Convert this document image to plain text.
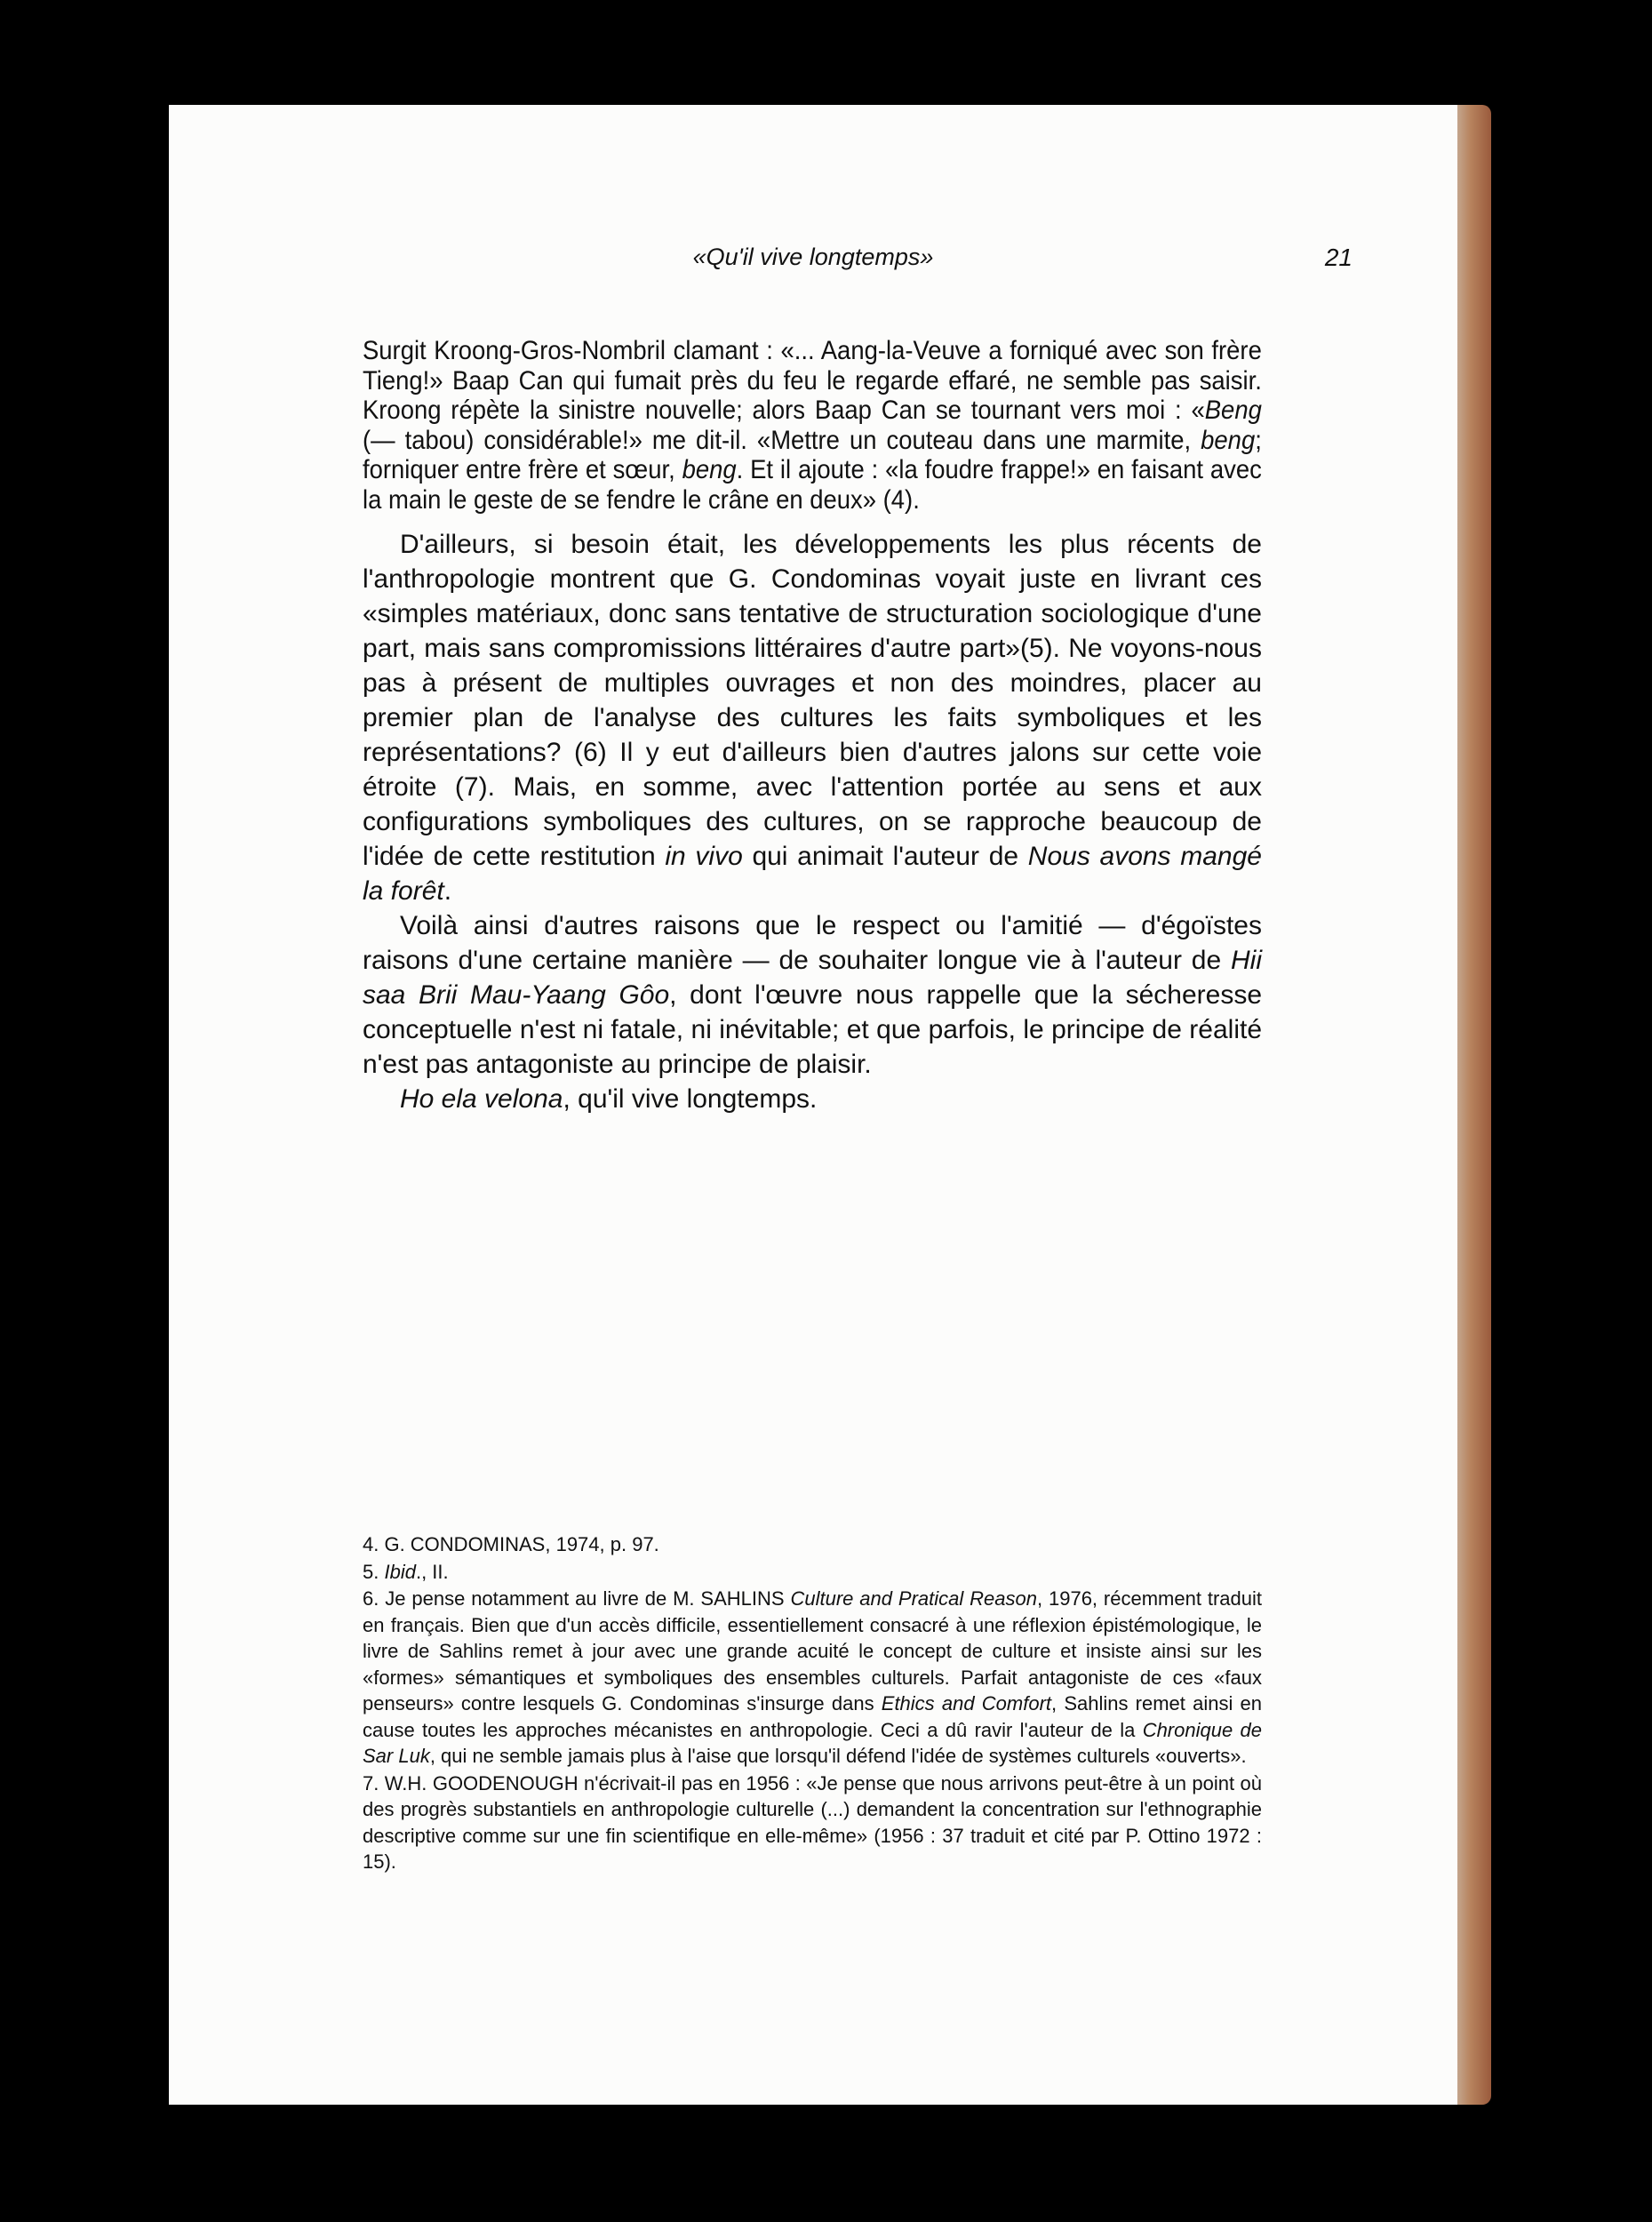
«Qu'il vive longtemps»	21

Surgit Kroong-Gros-Nombril clamant : «... Aang-la-Veuve a forniqué avec son frère Tieng!» Baap Can qui fumait près du feu le regarde effaré, ne semble pas saisir. Kroong répète la sinistre nouvelle; alors Baap Can se tournant vers moi : «Beng (— tabou) considérable!» me dit-il. «Mettre un couteau dans une marmite, beng; forniquer entre frère et sœur, beng. Et il ajoute : «la foudre frappe!» en faisant avec la main le geste de se fendre le crâne en deux» (4).

D'ailleurs, si besoin était, les développements les plus récents de l'anthropologie montrent que G. Condominas voyait juste en livrant ces «simples matériaux, donc sans tentative de structuration sociologique d'une part, mais sans compromissions littéraires d'autre part»(5). Ne voyons-nous pas à présent de multiples ouvrages et non des moindres, placer au premier plan de l'analyse des cultures les faits symboliques et les représentations? (6) Il y eut d'ailleurs bien d'autres jalons sur cette voie étroite (7). Mais, en somme, avec l'attention portée au sens et aux configurations symboliques des cultures, on se rapproche beaucoup de l'idée de cette restitution in vivo qui animait l'auteur de Nous avons mangé la forêt.

Voilà ainsi d'autres raisons que le respect ou l'amitié — d'égoïstes raisons d'une certaine manière — de souhaiter longue vie à l'auteur de Hii saa Brii Mau-Yaang Gôo, dont l'œuvre nous rappelle que la sécheresse conceptuelle n'est ni fatale, ni inévitable; et que parfois, le principe de réalité n'est pas antagoniste au principe de plaisir.

Ho ela velona, qu'il vive longtemps.

4. G. CONDOMINAS, 1974, p. 97.

5. Ibid., II.

6. Je pense notamment au livre de M. SAHLINS Culture and Pratical Reason, 1976, récemment traduit en français. Bien que d'un accès difficile, essentiellement consacré à une réflexion épistémologique, le livre de Sahlins remet à jour avec une grande acuité le concept de culture et insiste ainsi sur les «formes» sémantiques et symboliques des ensembles culturels. Parfait antagoniste de ces «faux penseurs» contre lesquels G. Condominas s'insurge dans Ethics and Comfort, Sahlins remet ainsi en cause toutes les approches mécanistes en anthropologie. Ceci a dû ravir l'auteur de la Chronique de Sar Luk, qui ne semble jamais plus à l'aise que lorsqu'il défend l'idée de systèmes culturels «ouverts».

7. W.H. GOODENOUGH n'écrivait-il pas en 1956 : «Je pense que nous arrivons peut-être à un point où des progrès substantiels en anthropologie culturelle (...) demandent la concentration sur l'ethnographie descriptive comme sur une fin scientifique en elle-même» (1956 : 37 traduit et cité par P. Ottino 1972 : 15).
